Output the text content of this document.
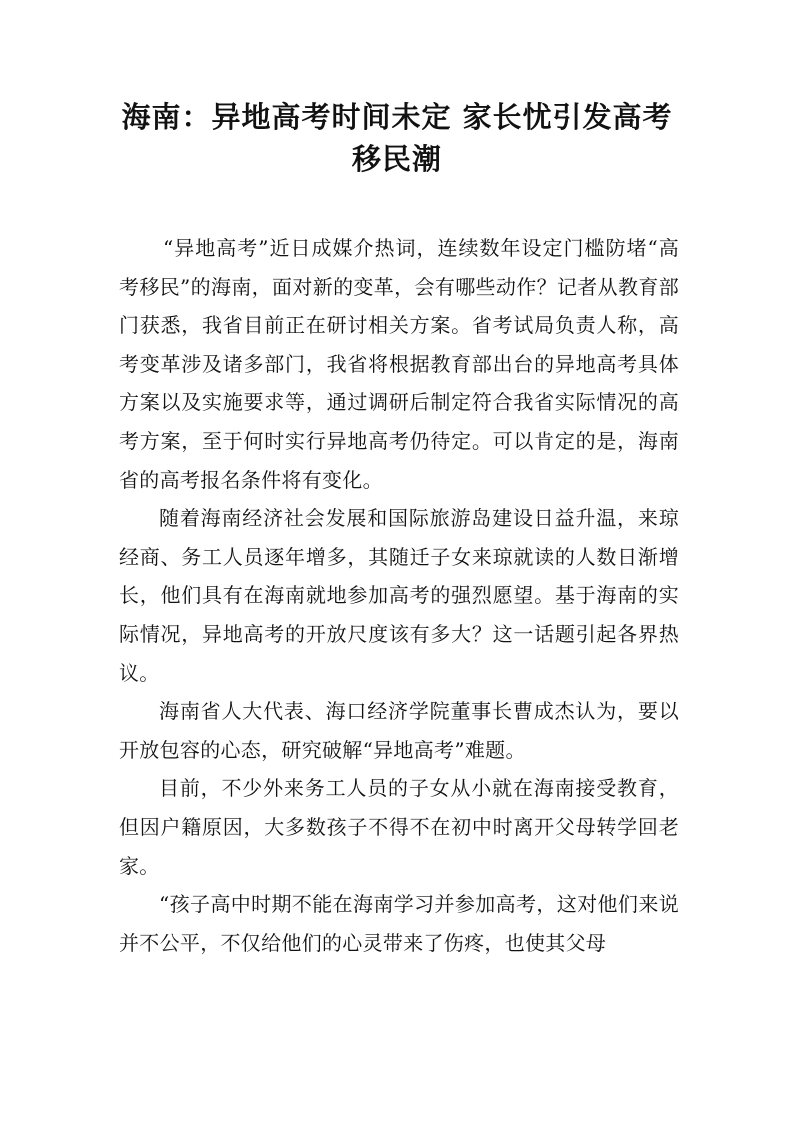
海南：异地高考时间未定 家长忧引发高考
移民潮

“异地高考”近日成媒介热词，连续数年设定门槛防堵“高考移民”的海南，面对新的变革，会有哪些动作？记者从教育部门获悉，我省目前正在研讨相关方案。省考试局负责人称，高考变革涉及诸多部门，我省将根据教育部出台的异地高考具体方案以及实施要求等，通过调研后制定符合我省实际情况的高考方案，至于何时实行异地高考仍待定。可以肯定的是，海南省的高考报名条件将有变化。

随着海南经济社会发展和国际旅游岛建设日益升温，来琼经商、务工人员逐年增多，其随迁子女来琼就读的人数日渐增长，他们具有在海南就地参加高考的强烈愿望。基于海南的实际情况，异地高考的开放尺度该有多大？这一话题引起各界热议。

海南省人大代表、海口经济学院董事长曹成杰认为，要以开放包容的心态，研究破解“异地高考”难题。

目前，不少外来务工人员的子女从小就在海南接受教育，但因户籍原因，大多数孩子不得不在初中时离开父母转学回老家。

“孩子高中时期不能在海南学习并参加高考，这对他们来说并不公平，不仅给他们的心灵带来了伤疼，也使其父母
